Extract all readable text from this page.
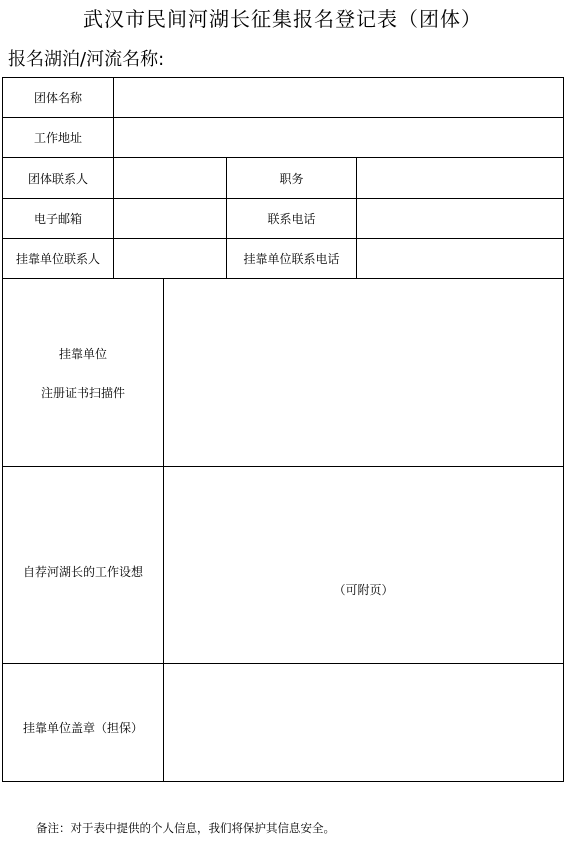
武汉市民间河湖长征集报名登记表（团体）
报名湖泊/河流名称:
团体名称
工作地址
团体联系人	职务
电子邮箱	联系电话
挂靠单位联系人	挂靠单位联系电话
挂靠单位
注册证书扫描件
自荐河湖长的工作设想
（可附页）
挂靠单位盖章（担保）
备注：对于表中提供的个人信息，我们将保护其信息安全。
